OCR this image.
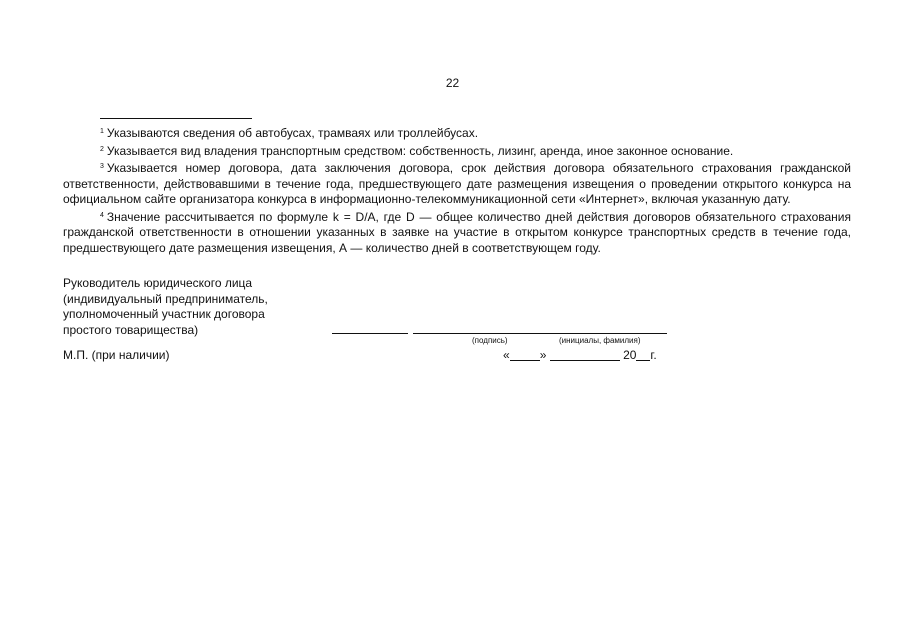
22

$^1$ Указываются сведения об автобусах, трамваях или троллейбусах.

$^2$ Указывается вид владения транспортным средством: собственность, лизинг, аренда, иное законное основание.

$^3$ Указывается номер договора, дата заключения договора, срок действия договора обязательного страхования гражданской ответственности, действовавшими в течение года, предшествующего дате размещения извещения о проведении открытого конкурса на официальном сайте организатора конкурса в информационно-телекоммуникационной сети «Интернет», включая указанную дату.

$^4$ Значение рассчитывается по формуле k = D/A, где D — общее количество дней действия договоров обязательного страхования гражданской ответственности в отношении указанных в заявке на участие в открытом конкурсе транспортных средств в течение года, предшествующего дате размещения извещения, А — количество дней в соответствующем году.

Руководитель юридического лица
(индивидуальный предприниматель,
уполномоченный участник договора
простого товарищества)
(подпись)	(инициалы, фамилия)
М.П. (при наличии)	«	»	20 г.
